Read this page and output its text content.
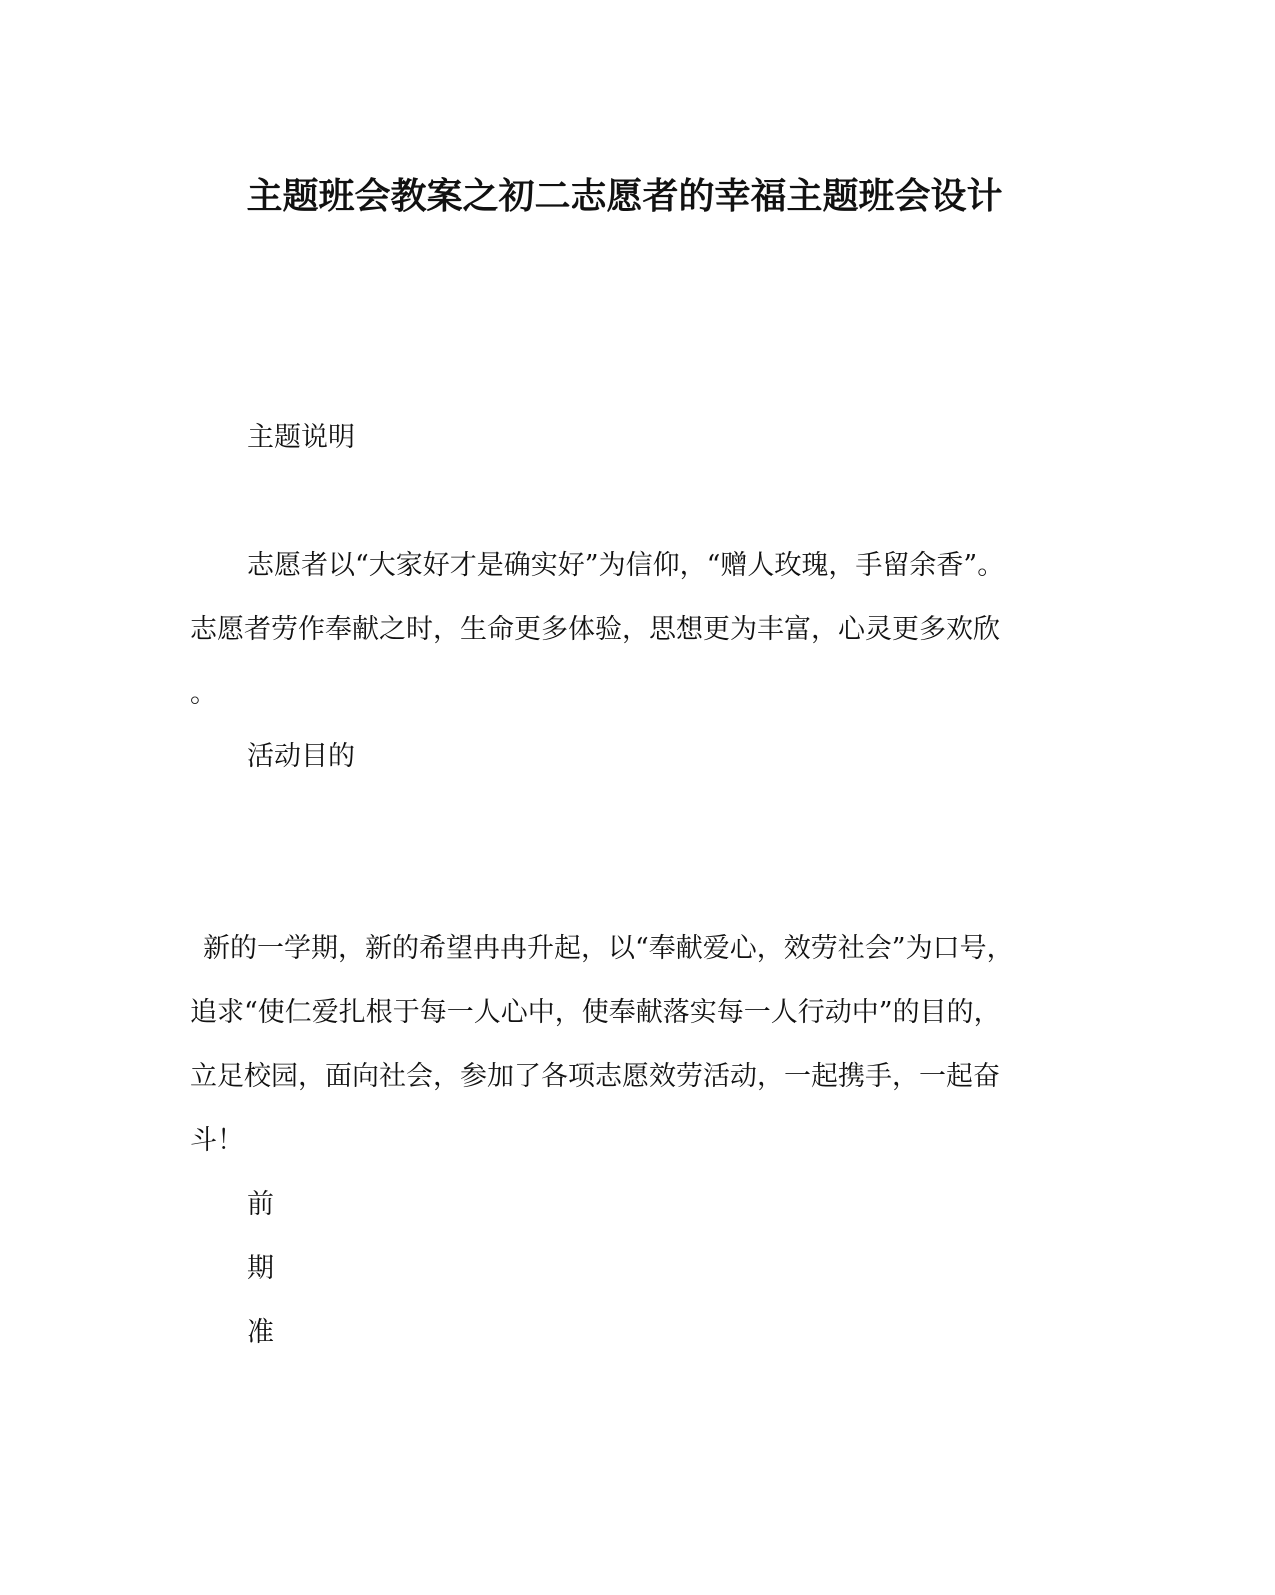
主题班会教案之初二志愿者的幸福主题班会设计

主题说明

志愿者以“大家好才是确实好”为信仰，“赠人玫瑰，手留余香”。

志愿者劳作奉献之时，生命更多体验，思想更为丰富，心灵更多欢欣

。

活动目的

新的一学期，新的希望冉冉升起，以“奉献爱心，效劳社会”为口号，

追求“使仁爱扎根于每一人心中，使奉献落实每一人行动中”的目的，

立足校园，面向社会，参加了各项志愿效劳活动，一起携手，一起奋

斗！

前

期

准
